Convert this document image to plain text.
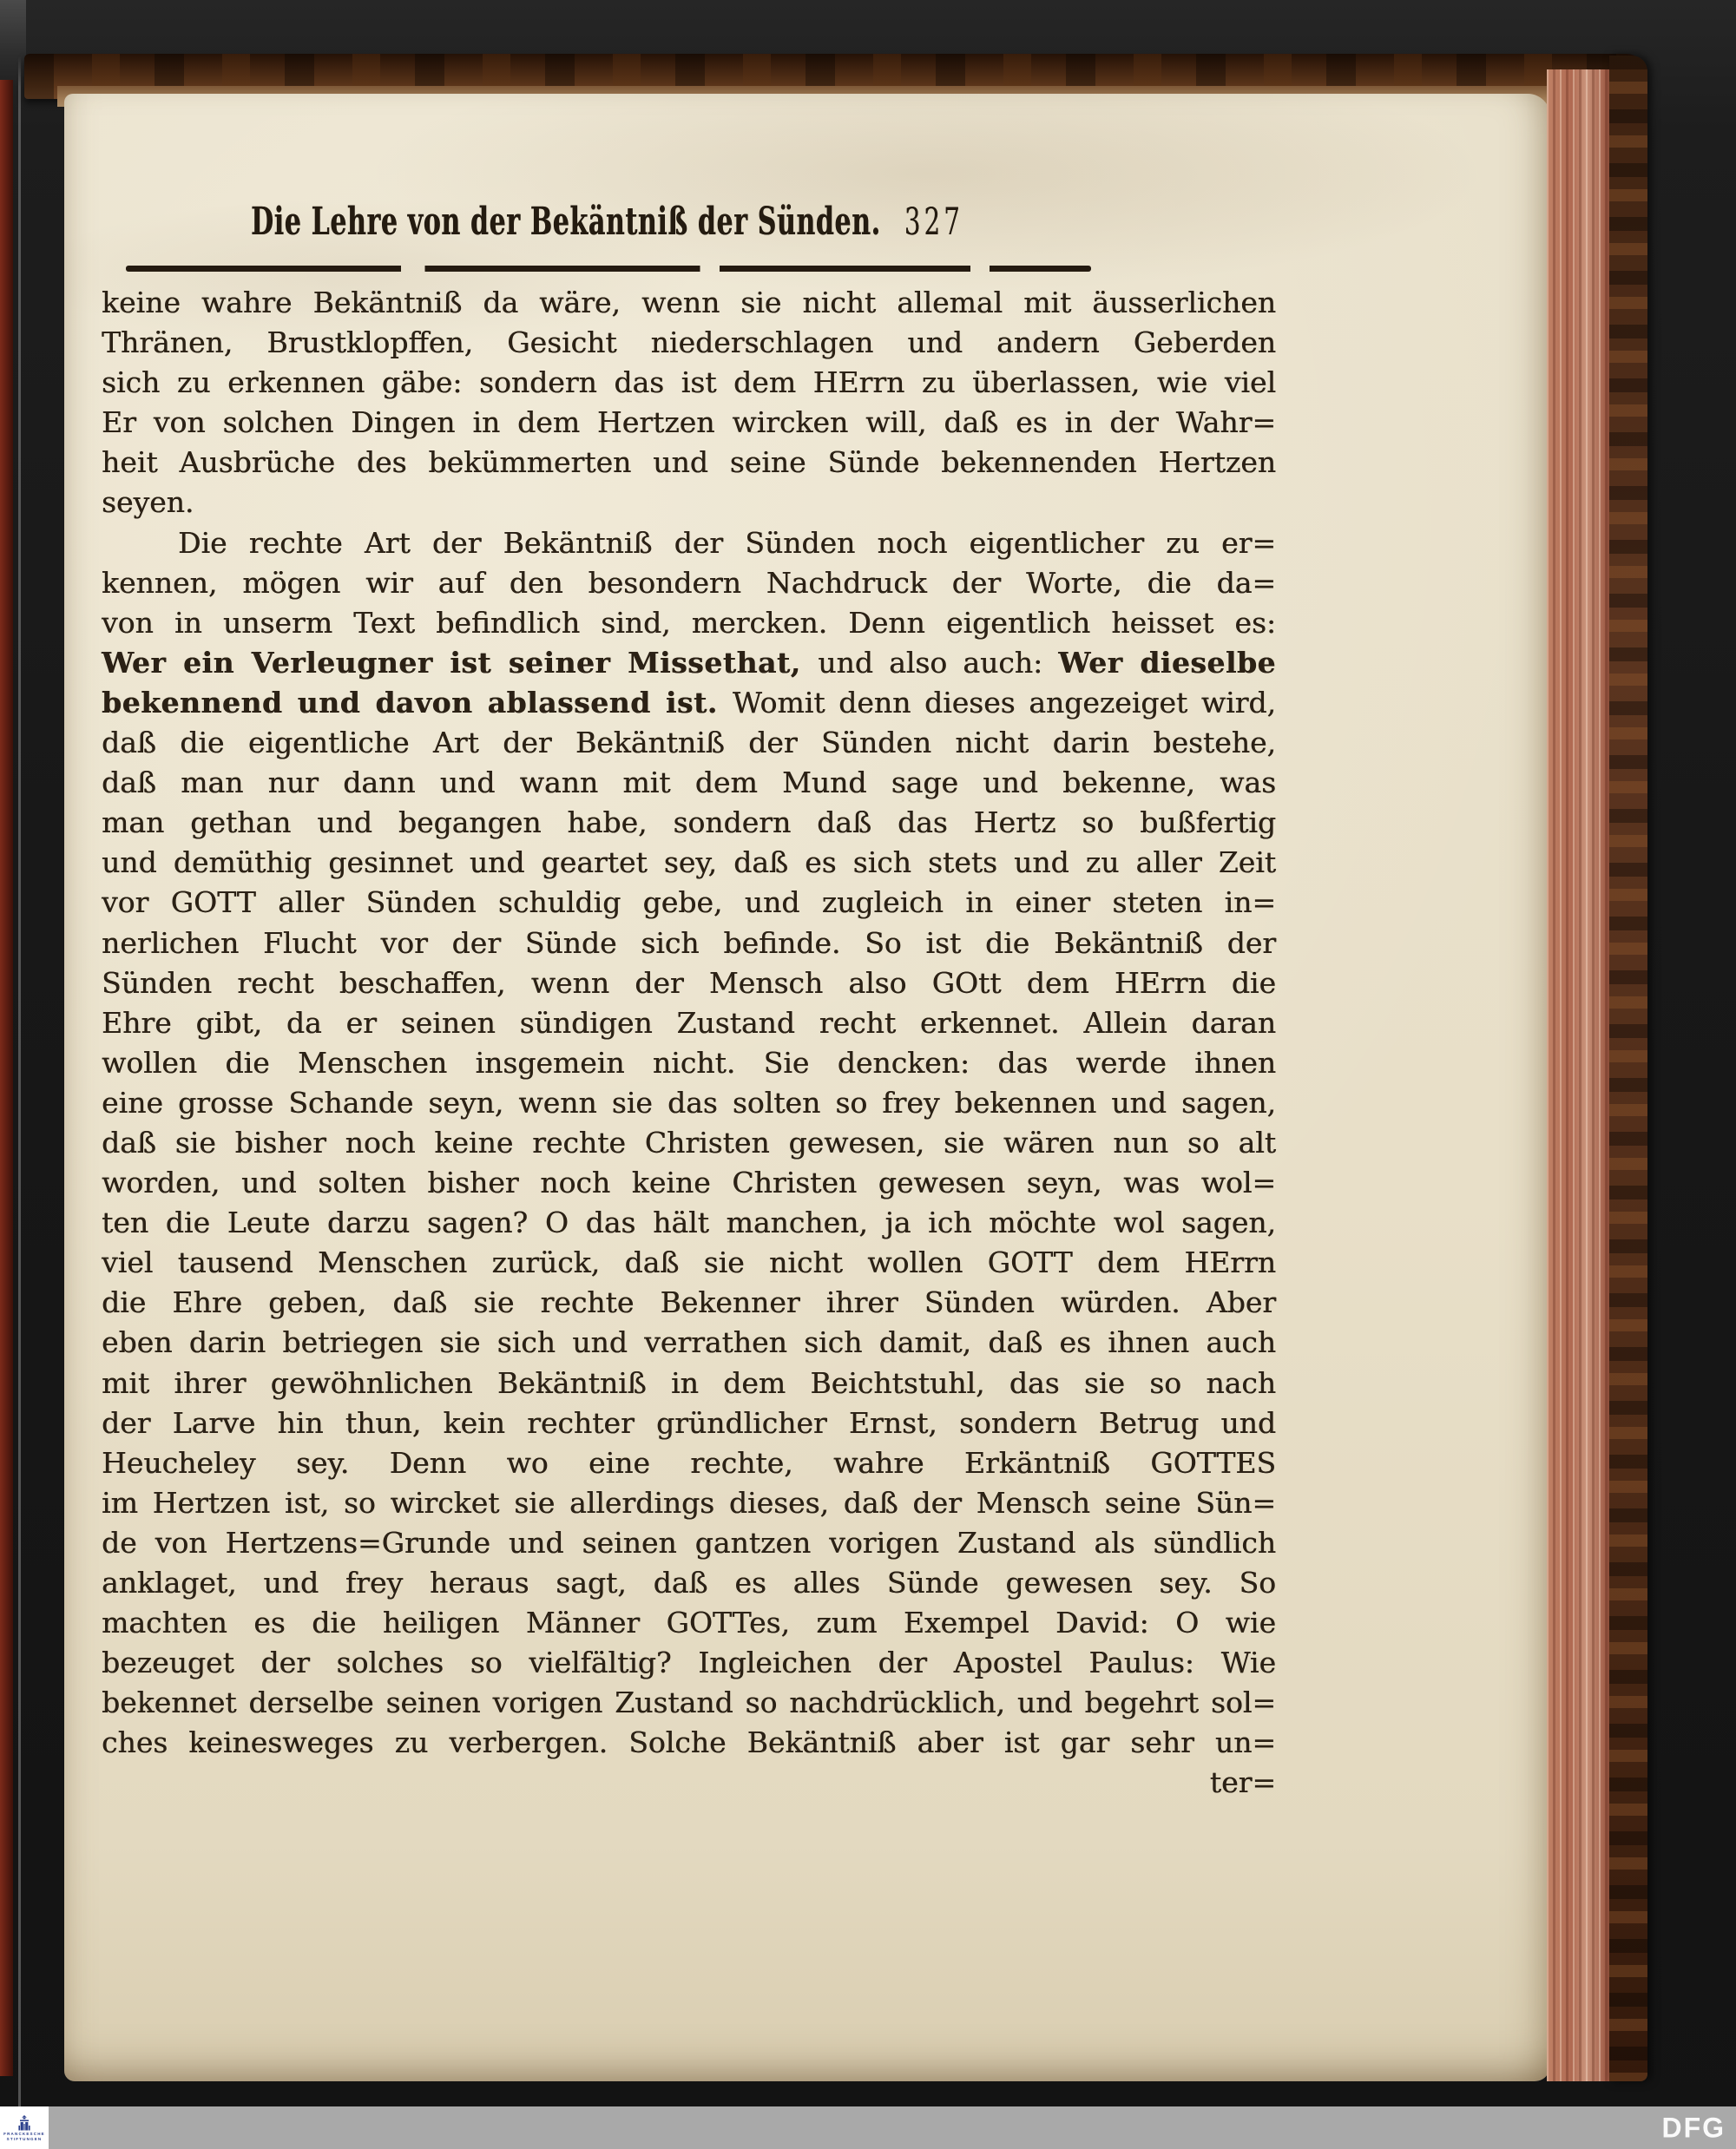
Die Lehre von der Bekäntniß der Sünden. 327
keine wahre Bekäntniß da wäre, wenn sie nicht allemal mit äusserlichen
Thränen, Brustklopffen, Gesicht niederschlagen und andern Geberden
sich zu erkennen gäbe: sondern das ist dem HErrn zu überlassen, wie viel
Er von solchen Dingen in dem Hertzen wircken will, daß es in der Wahr=
heit Ausbrüche des bekümmerten und seine Sünde bekennenden Hertzen
seyen.
Die rechte Art der Bekäntniß der Sünden noch eigentlicher zu er=
kennen, mögen wir auf den besondern Nachdruck der Worte, die da=
von in unserm Text befindlich sind, mercken. Denn eigentlich heisset es:
Wer ein Verleugner ist seiner Missethat, und also auch: Wer dieselbe
bekennend und davon ablassend ist. Womit denn dieses angezeiget wird,
daß die eigentliche Art der Bekäntniß der Sünden nicht darin bestehe,
daß man nur dann und wann mit dem Mund sage und bekenne, was
man gethan und begangen habe, sondern daß das Hertz so bußfertig
und demüthig gesinnet und geartet sey, daß es sich stets und zu aller Zeit
vor GOTT aller Sünden schuldig gebe, und zugleich in einer steten in=
nerlichen Flucht vor der Sünde sich befinde. So ist die Bekäntniß der
Sünden recht beschaffen, wenn der Mensch also GOtt dem HErrn die
Ehre gibt, da er seinen sündigen Zustand recht erkennet. Allein daran
wollen die Menschen insgemein nicht. Sie dencken: das werde ihnen
eine grosse Schande seyn, wenn sie das solten so frey bekennen und sagen,
daß sie bisher noch keine rechte Christen gewesen, sie wären nun so alt
worden, und solten bisher noch keine Christen gewesen seyn, was wol=
ten die Leute darzu sagen? O das hält manchen, ja ich möchte wol sagen,
viel tausend Menschen zurück, daß sie nicht wollen GOTT dem HErrn
die Ehre geben, daß sie rechte Bekenner ihrer Sünden würden. Aber
eben darin betriegen sie sich und verrathen sich damit, daß es ihnen auch
mit ihrer gewöhnlichen Bekäntniß in dem Beichtstuhl, das sie so nach
der Larve hin thun, kein rechter gründlicher Ernst, sondern Betrug und
Heucheley sey. Denn wo eine rechte, wahre Erkäntniß GOTTES
im Hertzen ist, so wircket sie allerdings dieses, daß der Mensch seine Sün=
de von Hertzens=Grunde und seinen gantzen vorigen Zustand als sündlich
anklaget, und frey heraus sagt, daß es alles Sünde gewesen sey. So
machten es die heiligen Männer GOTTes, zum Exempel David: O wie
bezeuget der solches so vielfältig? Ingleichen der Apostel Paulus: Wie
bekennet derselbe seinen vorigen Zustand so nachdrücklich, und begehrt sol=
ches keinesweges zu verbergen. Solche Bekäntniß aber ist gar sehr un=
ter=
DFG
FRANCKESCHE
STIFTUNGEN
